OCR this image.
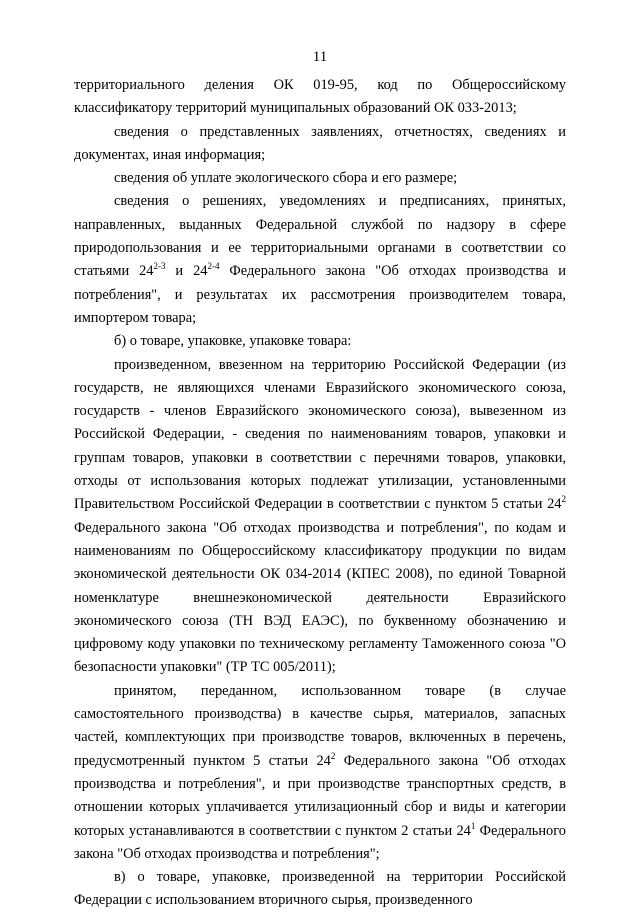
11

территориального деления ОК 019-95, код по Общероссийскому классификатору территорий муниципальных образований ОК 033-2013;

сведения о представленных заявлениях, отчетностях, сведениях и документах, иная информация;

сведения об уплате экологического сбора и его размере;

сведения о решениях, уведомлениях и предписаниях, принятых, направленных, выданных Федеральной службой по надзору в сфере природопользования и ее территориальными органами в соответствии со статьями 24$^{2-3}$ и 24$^{2-4}$ Федерального закона "Об отходах производства и потребления", и результатах их рассмотрения производителем товара, импортером товара;

б) о товаре, упаковке, упаковке товара:

произведенном, ввезенном на территорию Российской Федерации (из государств, не являющихся членами Евразийского экономического союза, государств - членов Евразийского экономического союза), вывезенном из Российской Федерации, - сведения по наименованиям товаров, упаковки и группам товаров, упаковки в соответствии с перечнями товаров, упаковки, отходы от использования которых подлежат утилизации, установленными Правительством Российской Федерации в соответствии с пунктом 5 статьи $24^2$ Федерального закона "Об отходах производства и потребления", по кодам и наименованиям по Общероссийскому классификатору продукции по видам экономической деятельности ОК 034-2014 (КПЕС 2008), по единой Товарной номенклатуре внешнеэкономической деятельности Евразийского экономического союза (ТН ВЭД ЕАЭС), по буквенному обозначению и цифровому коду упаковки по техническому регламенту Таможенного союза "О безопасности упаковки" (ТР ТС 005/2011);

принятом, переданном, использованном товаре (в случае самостоятельного производства) в качестве сырья, материалов, запасных частей, комплектующих при производстве товаров, включенных в перечень, предусмотренный пунктом 5 статьи $24^2$ Федерального закона "Об отходах производства и потребления", и при производстве транспортных средств, в отношении которых уплачивается утилизационный сбор и виды и категории которых устанавливаются в соответствии с пунктом 2 статьи $24^1$ Федерального закона "Об отходах производства и потребления";

в) о товаре, упаковке, произведенной на территории Российской Федерации с использованием вторичного сырья, произведенного
